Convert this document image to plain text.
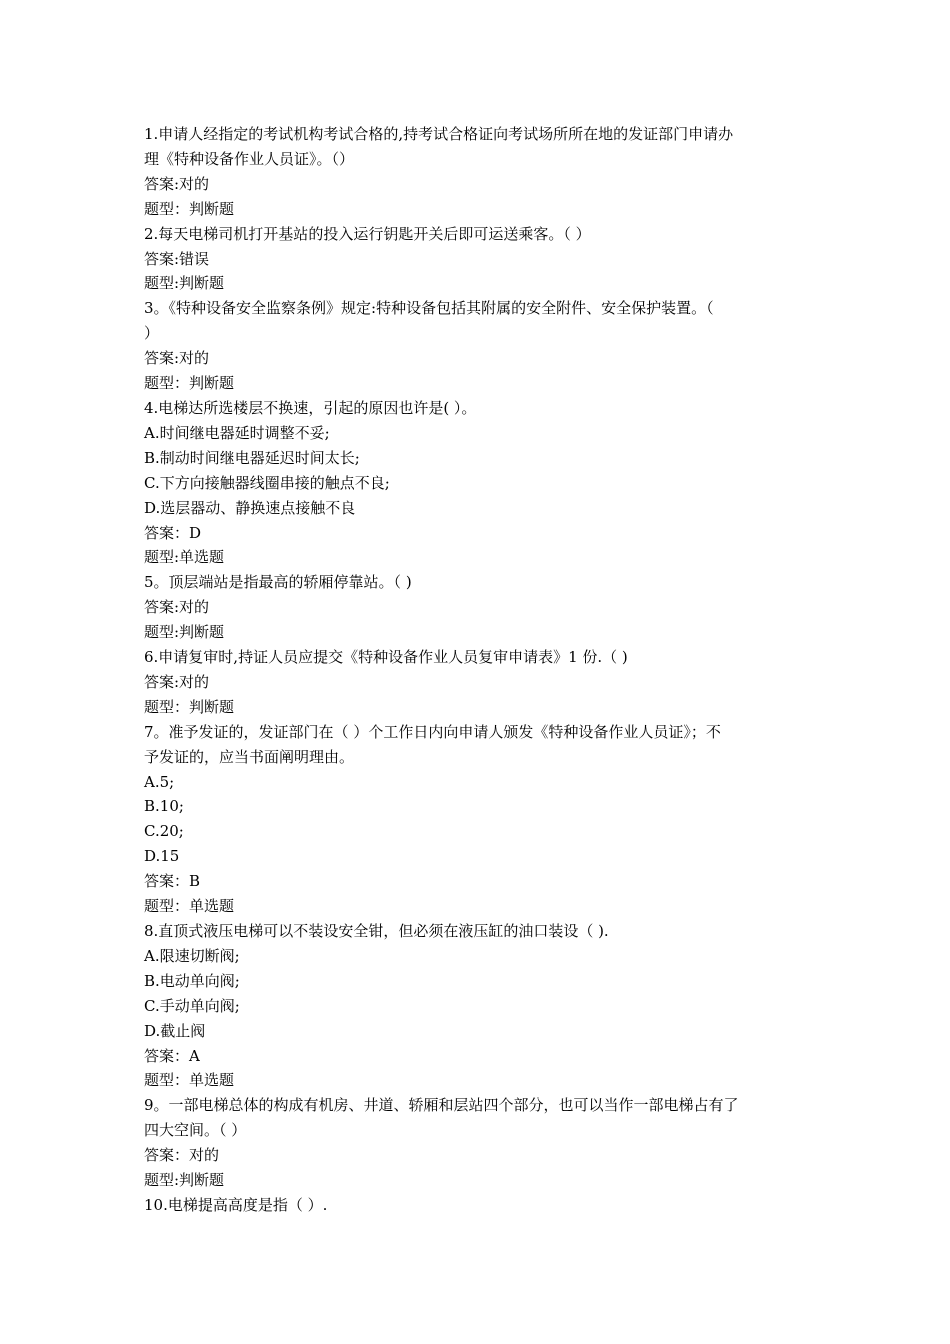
1.申请人经指定的考试机构考试合格的,持考试合格证向考试场所所在地的发证部门申请办

理《特种设备作业人员证》。（）

答案:对的

题型：判断题

2.每天电梯司机打开基站的投入运行钥匙开关后即可运送乘客。（ ）

答案:错误

题型:判断题

3。《特种设备安全监察条例》规定:特种设备包括其附属的安全附件、安全保护装置。（

）

答案:对的

题型：判断题

4.电梯达所选楼层不换速，引起的原因也许是( ）。

A.时间继电器延时调整不妥;

B.制动时间继电器延迟时间太长;

C.下方向接触器线圈串接的触点不良;

D.选层器动、静换速点接触不良

答案：D

题型:单选题

5。顶层端站是指最高的轿厢停靠站。（ )

答案:对的

题型:判断题

6.申请复审时,持证人员应提交《特种设备作业人员复审申请表》1 份.（ )

答案:对的

题型：判断题

7。准予发证的，发证部门在（ ）个工作日内向申请人颁发《特种设备作业人员证》；不

予发证的，应当书面阐明理由。

A.5;

B.10;

C.20;

D.15

答案：B

题型：单选题

8.直顶式液压电梯可以不装设安全钳，但必须在液压缸的油口装设（ ).

A.限速切断阀;

B.电动单向阀;

C.手动单向阀;

D.截止阀

答案：A

题型：单选题

9。一部电梯总体的构成有机房、井道、轿厢和层站四个部分，也可以当作一部电梯占有了

四大空间。（ ）

答案：对的

题型:判断题

10.电梯提高高度是指（ ）.
